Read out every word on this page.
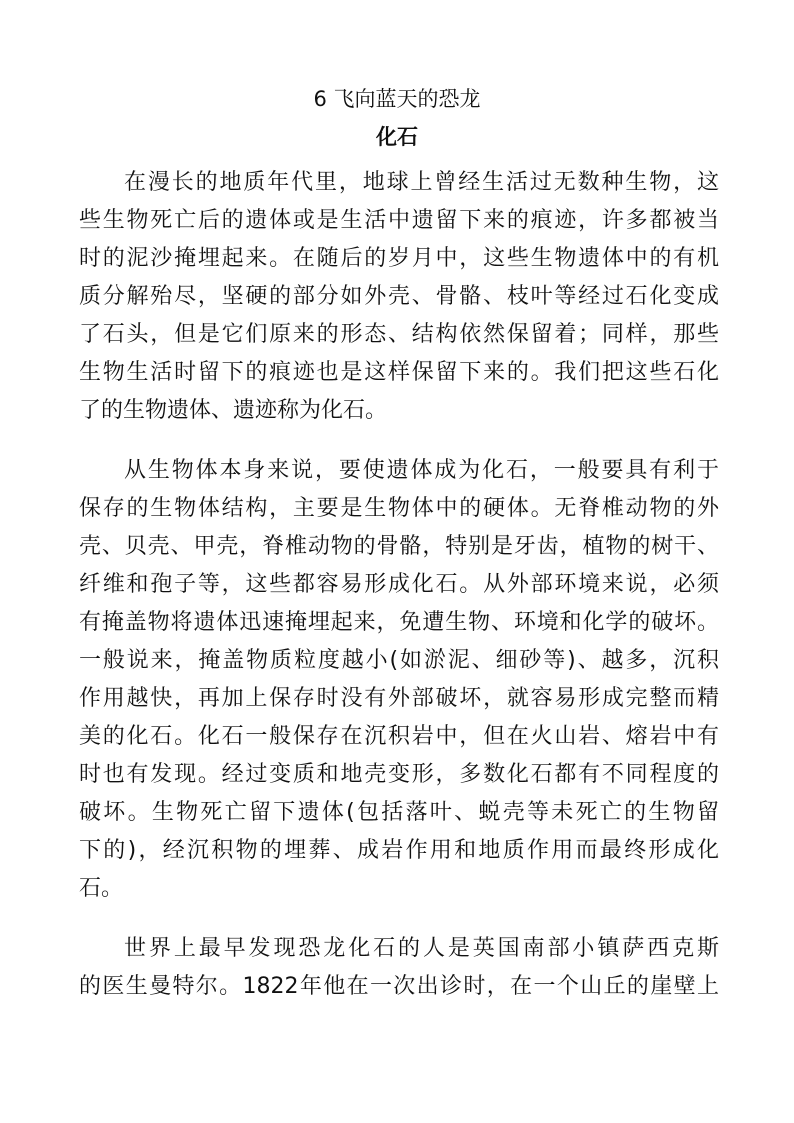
6 飞向蓝天的恐龙
化石
在漫长的地质年代里，地球上曾经生活过无数种生物，这
些生物死亡后的遗体或是生活中遗留下来的痕迹，许多都被当
时的泥沙掩埋起来。在随后的岁月中，这些生物遗体中的有机
质分解殆尽，坚硬的部分如外壳、骨骼、枝叶等经过石化变成
了石头，但是它们原来的形态、结构依然保留着；同样，那些
生物生活时留下的痕迹也是这样保留下来的。我们把这些石化
了的生物遗体、遗迹称为化石。
从生物体本身来说，要使遗体成为化石，一般要具有利于
保存的生物体结构，主要是生物体中的硬体。无脊椎动物的外
壳、贝壳、甲壳，脊椎动物的骨骼，特别是牙齿，植物的树干、
纤维和孢子等，这些都容易形成化石。从外部环境来说，必须
有掩盖物将遗体迅速掩埋起来，免遭生物、环境和化学的破坏。
一般说来，掩盖物质粒度越小(如淤泥、细砂等)、越多，沉积
作用越快，再加上保存时没有外部破坏，就容易形成完整而精
美的化石。化石一般保存在沉积岩中，但在火山岩、熔岩中有
时也有发现。经过变质和地壳变形，多数化石都有不同程度的
破坏。生物死亡留下遗体(包括落叶、蜕壳等未死亡的生物留
下的)，经沉积物的埋葬、成岩作用和地质作用而最终形成化
石。
世界上最早发现恐龙化石的人是英国南部小镇萨西克斯
的医生曼特尔。1822年他在一次出诊时，在一个山丘的崖壁上
